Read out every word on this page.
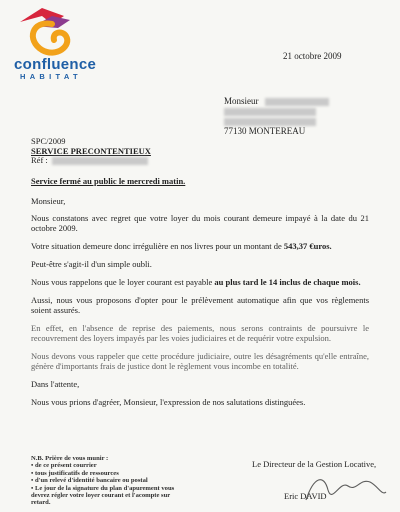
confluence
HABITAT
21 octobre 2009
Monsieur
77130 MONTEREAU
SPC/2009
SERVICE PRECONTENTIEUX
Réf :
Service fermé au public le mercredi matin.

Monsieur,

Nous constatons avec regret que votre loyer du mois courant demeure impayé à la date du 21 octobre 2009.

Votre situation demeure donc irrégulière en nos livres pour un montant de 543,37 €uros.

Peut-être s'agit-il d'un simple oubli.

Nous vous rappelons que le loyer courant est payable au plus tard le 14 inclus de chaque mois.

Aussi, nous vous proposons d'opter pour le prélèvement automatique afin que vos règlements soient assurés.

En effet, en l'absence de reprise des paiements, nous serons contraints de poursuivre le recouvrement des loyers impayés par les voies judiciaires et de requérir votre expulsion.

Nous devons vous rappeler que cette procédure judiciaire, outre les désagréments qu'elle entraîne, génère d'importants frais de justice dont le règlement vous incombe en totalité.

Dans l'attente,

Nous vous prions d'agréer, Monsieur, l'expression de nos salutations distinguées.

N.B. Prière de vous munir :
• de ce présent courrier
• tous justificatifs de ressources
• d'un relevé d'identité bancaire ou postal
• Le jour de la signature du plan d'apurement vous
devrez régler votre loyer courant et l'acompte sur
retard.
Le Directeur de la Gestion Locative,
Eric DAVID
